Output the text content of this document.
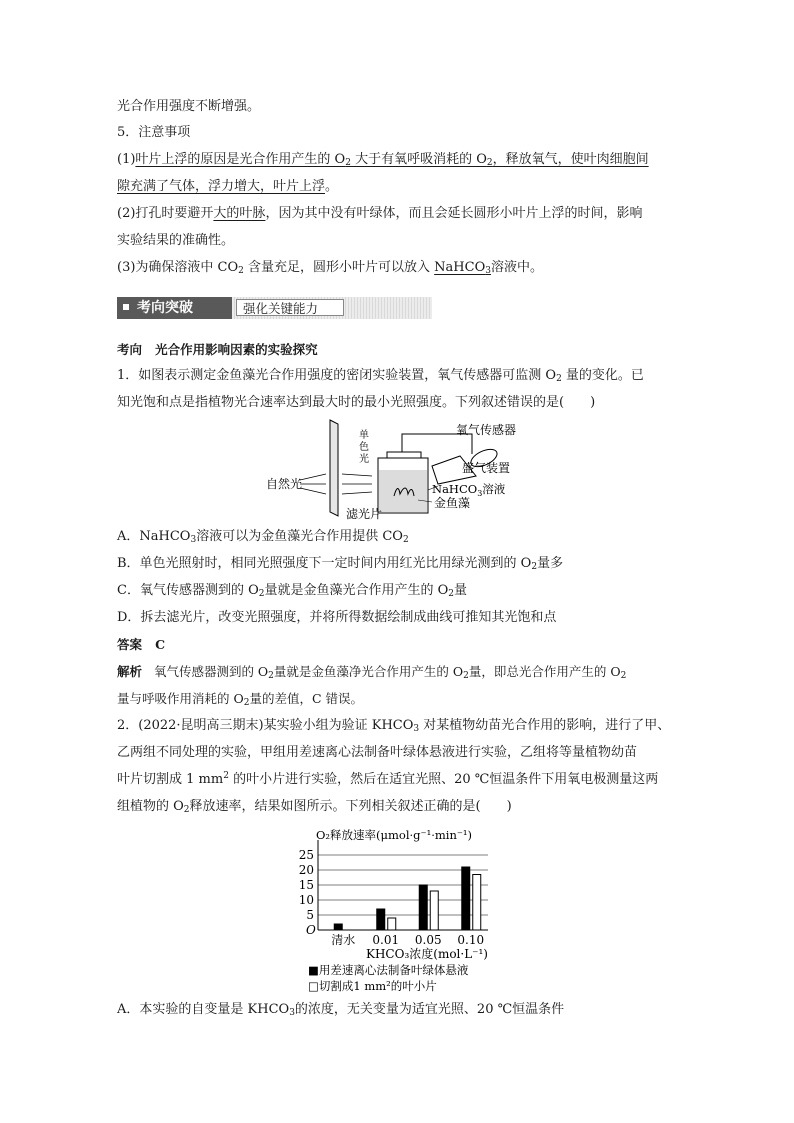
光合作用强度不断增强。
5．注意事项
(1)叶片上浮的原因是光合作用产生的 $O_2$ 大于有氧呼吸消耗的 $O_2$，释放氧气，使叶肉细胞间
隙充满了气体，浮力增大，叶片上浮。
(2)打孔时要避开大的叶脉，因为其中没有叶绿体，而且会延长圆形小叶片上浮的时间，影响
实验结果的准确性。
(3)为确保溶液中 $CO_2$ 含量充足，圆形小叶片可以放入 NaHCO$_3$溶液中。
考向突破	强化关键能力
考向 光合作用影响因素的实验探究
1．如图表示测定金鱼藻光合作用强度的密闭实验装置，氧气传感器可监测 $O_2$ 量的变化。已
知光饱和点是指植物光合速率达到最大时的最小光照强度。下列叙述错误的是(　　)
氧气传感器
盛气装置
NaHCO$_3$溶液
金鱼藻
滤光片
自然光
单
色
光
A．NaHCO$_3$溶液可以为金鱼藻光合作用提供 $CO_2$
B．单色光照射时，相同光照强度下一定时间内用红光比用绿光测到的 $O_2$量多
C．氧气传感器测到的 $O_2$量就是金鱼藻光合作用产生的 $O_2$量
D．拆去滤光片，改变光照强度，并将所得数据绘制成曲线可推知其光饱和点
答案 C
解析 氧气传感器测到的 $O_2$量就是金鱼藻净光合作用产生的 $O_2$量，即总光合作用产生的 $O_2$
量与呼吸作用消耗的 $O_2$量的差值，C 错误。
2．(2022·昆明高三期末)某实验小组为验证 $KHCO_3$ 对某植物幼苗光合作用的影响，进行了甲、
乙两组不同处理的实验，甲组用差速离心法制备叶绿体悬液进行实验，乙组将等量植物幼苗
叶片切割成 1 $mm^2$ 的叶小片进行实验，然后在适宜光照、20 ℃恒温条件下用氧电极测量这两
组植物的 $O_2$释放速率，结果如图所示。下列相关叙述正确的是(　　)
5
10
15
20
25
O
O₂释放速率(μmol·g⁻¹·min⁻¹)
清水 0.01 0.05 0.10
KHCO₃浓度(mol·L⁻¹)
■用差速离心法制备叶绿体悬液
□切割成1 mm²的叶小片
A．本实验的自变量是 $KHCO_3$的浓度，无关变量为适宜光照、20 ℃恒温条件
